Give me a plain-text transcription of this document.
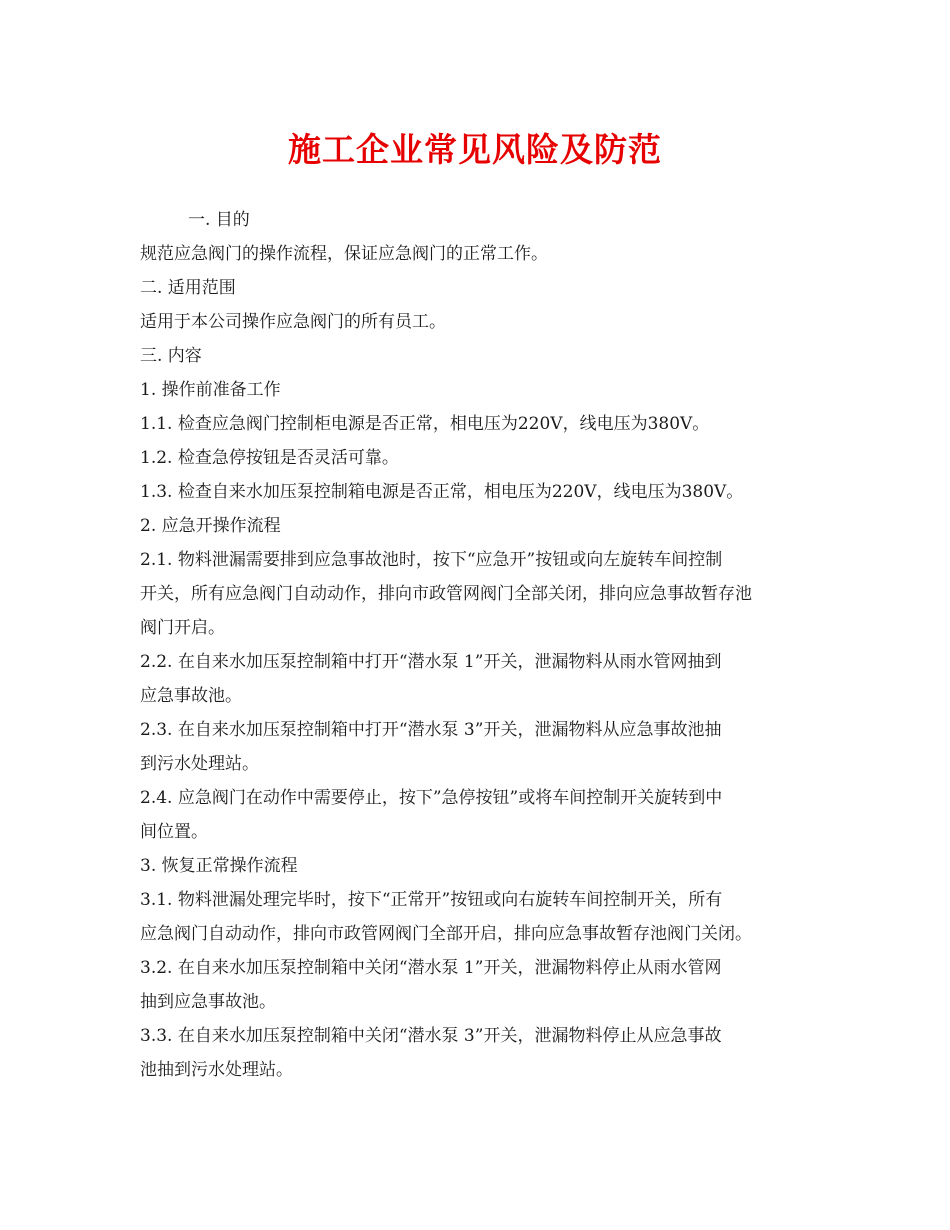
施工企业常见风险及防范
一. 目的
规范应急阀门的操作流程，保证应急阀门的正常工作。
二. 适用范围
适用于本公司操作应急阀门的所有员工。
三. 内容
1. 操作前准备工作
1.1. 检查应急阀门控制柜电源是否正常，相电压为220V，线电压为380V。
1.2. 检查急停按钮是否灵活可靠。
1.3. 检查自来水加压泵控制箱电源是否正常，相电压为220V，线电压为380V。
2. 应急开操作流程
2.1. 物料泄漏需要排到应急事故池时，按下“应急开”按钮或向左旋转车间控制
开关，所有应急阀门自动动作，排向市政管网阀门全部关闭，排向应急事故暂存池
阀门开启。
2.2. 在自来水加压泵控制箱中打开“潜水泵 1”开关，泄漏物料从雨水管网抽到
应急事故池。
2.3. 在自来水加压泵控制箱中打开“潜水泵 3”开关，泄漏物料从应急事故池抽
到污水处理站。
2.4. 应急阀门在动作中需要停止，按下”急停按钮”或将车间控制开关旋转到中
间位置。
3. 恢复正常操作流程
3.1. 物料泄漏处理完毕时，按下“正常开”按钮或向右旋转车间控制开关，所有
应急阀门自动动作，排向市政管网阀门全部开启，排向应急事故暂存池阀门关闭。
3.2. 在自来水加压泵控制箱中关闭“潜水泵 1”开关，泄漏物料停止从雨水管网
抽到应急事故池。
3.3. 在自来水加压泵控制箱中关闭“潜水泵 3”开关，泄漏物料停止从应急事故
池抽到污水处理站。
